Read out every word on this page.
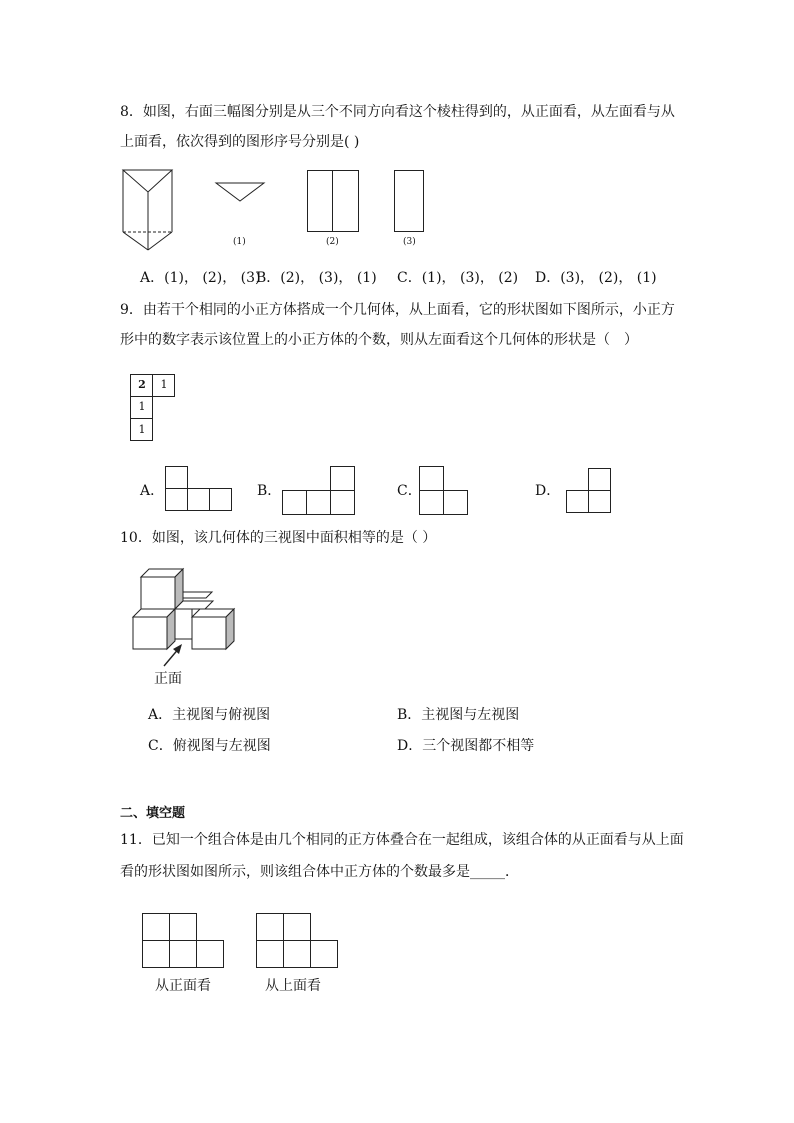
8．如图，右面三幅图分别是从三个不同方向看这个棱柱得到的，从正面看，从左面看与从
上面看，依次得到的图形序号分别是( )
(1)	(2)	(3)
A．(1)， (2)， (3)
B．(2)， (3)， (1) C．(1)， (3)， (2) D．(3)， (2)， (1)
9．由若干个相同的小正方体搭成一个几何体，从上面看，它的形状图如下图所示，小正方
形中的数字表示该位置上的小正方体的个数，则从左面看这个几何体的形状是（　）
2	1
1
1
A．	B．	C．	D．
10．如图，该几何体的三视图中面积相等的是（ ）
正面
A．主视图与俯视图	B．主视图与左视图
C．俯视图与左视图	D．三个视图都不相等
二、填空题
11．已知一个组合体是由几个相同的正方体叠合在一起组成，该组合体的从正面看与从上面
看的形状图如图所示，则该组合体中正方体的个数最多是_____．
从正面看	从上面看
